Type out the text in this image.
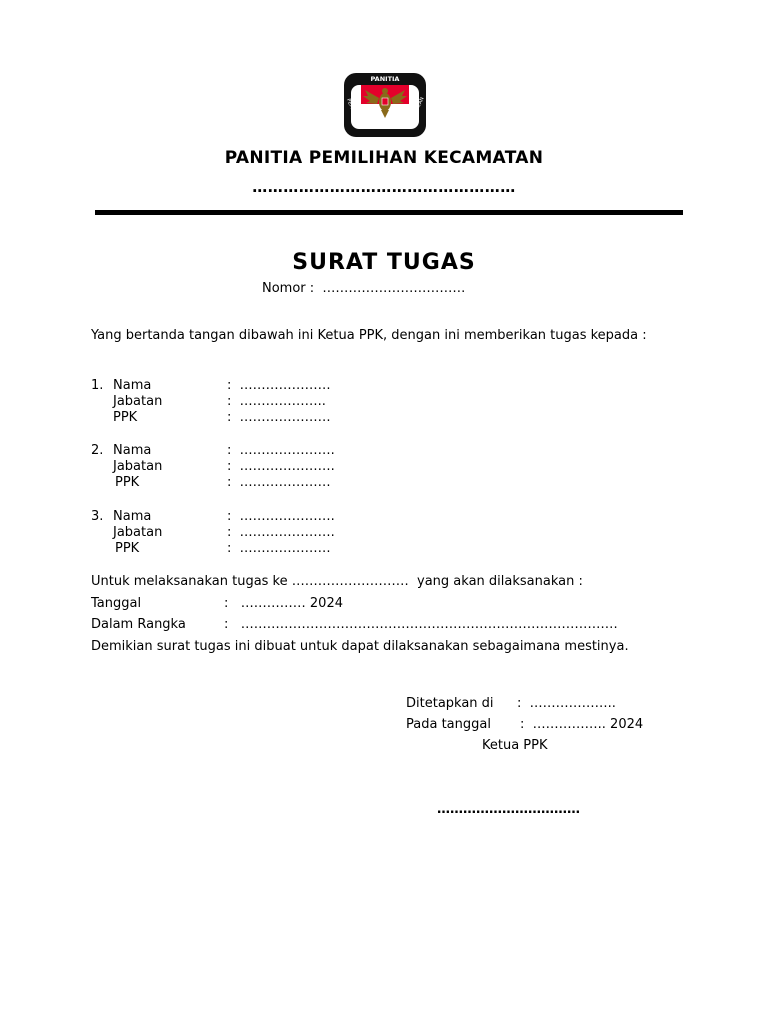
PANITIA
PEMILIHAN	KECAMATAN
PANITIA PEMILIHAN KECAMATAN
……………………………………………
SURAT TUGAS
Nomor : ……………………………
Yang bertanda tangan dibawah ini Ketua PPK, dengan ini memberikan tugas kepada :
1. Nama	:  …………………
Jabatan	:  ………………..
PPK	:  …………………
2. Nama	:  ………………….
Jabatan	:  ………………….
PPK	:  …………………
3. Nama	:  ………………….
Jabatan	:  ………………….
PPK	:  …………………
Untuk melaksanakan tugas ke ………………………  yang akan dilaksanakan :
Tanggal	:   …………… 2024
Dalam Rangka	:   ……………………………………………………………………………
Demikian surat tugas ini dibuat untuk dapat dilaksanakan sebagaimana mestinya.
Ditetapkan di :  ………………..
Pada tanggal :  …………….. 2024
Ketua PPK
……………………………
